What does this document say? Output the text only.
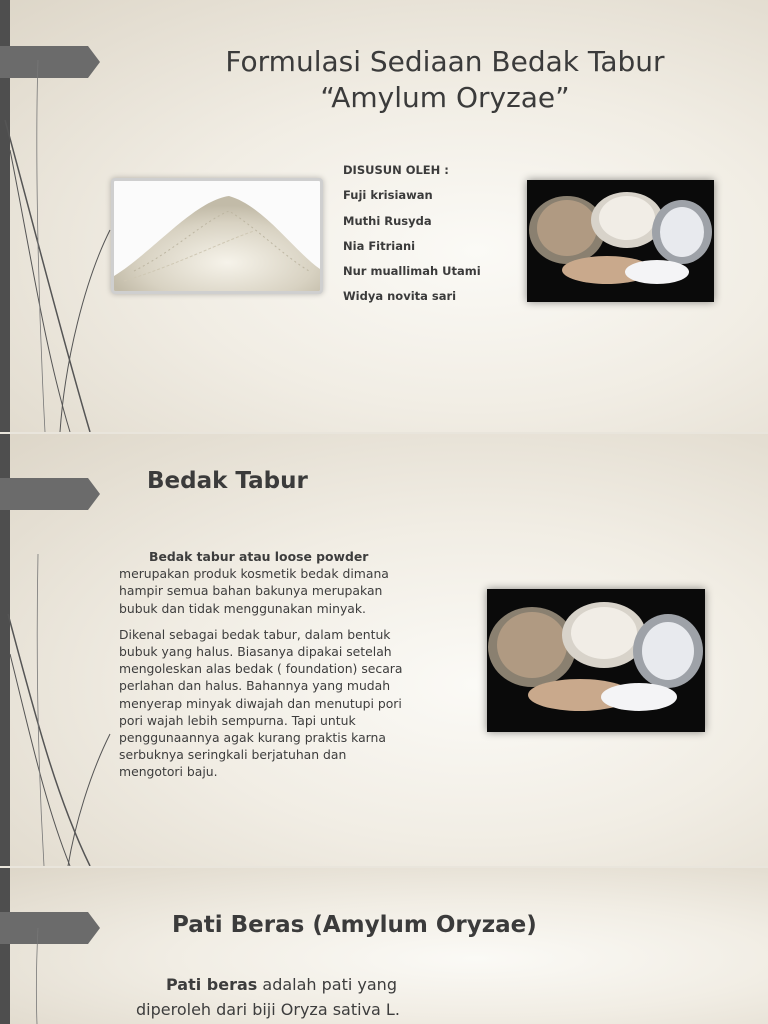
Formulasi Sediaan Bedak Tabur
“Amylum Oryzae”
DISUSUN OLEH :
Fuji krisiawan
Muthi Rusyda
Nia Fitriani
Nur muallimah Utami
Widya novita sari
Bedak Tabur

Bedak tabur atau loose powder
merupakan produk kosmetik bedak dimana
hampir semua bahan bakunya merupakan
bubuk dan tidak menggunakan minyak.

Dikenal sebagai bedak tabur, dalam bentuk
bubuk yang halus. Biasanya dipakai setelah
mengoleskan alas bedak ( foundation) secara
perlahan dan halus. Bahannya yang mudah
menyerap minyak diwajah dan menutupi pori
pori wajah lebih sempurna. Tapi untuk
penggunaannya agak kurang praktis karna
serbuknya seringkali berjatuhan dan
mengotori baju.

Pati Beras (Amylum Oryzae)

Pati beras adalah pati yang
diperoleh dari biji Oryza sativa L.
